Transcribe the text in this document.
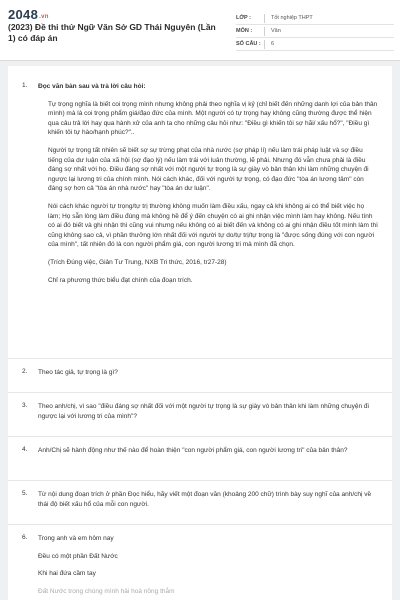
2048.vn
(2023) Đề thi thử Ngữ Văn Sở GD Thái Nguyên (Lần 1) có đáp án
LỚP :	Tốt nghiệp THPT
MÔN :	Văn
SỐ CÂU :	6
1. Đọc văn bản sau và trả lời câu hỏi:
Tự trọng nghĩa là biết coi trọng mình nhưng không phải theo nghĩa vị kỷ (chỉ biết đến những danh lợi của bản thân mình) mà là coi trọng phẩm giá/đạo đức của mình. Một người có tự trọng hay không cũng thường được thể hiện qua câu trả lời hay qua hành xử của anh ta cho những câu hỏi như: "Điều gì khiến tôi sợ hãi/ xấu hổ?", "Điều gì khiến tôi tự hào/hạnh phúc?"..
Người tự trọng tất nhiên sẽ biết sợ sự trừng phạt của nhà nước (sợ pháp lí) nếu làm trái pháp luật và sợ điều tiếng của dư luận của xã hội (sợ đạo lý) nếu làm trái với luân thường, lẽ phải. Nhưng đó vẫn chưa phải là điều đáng sợ nhất với họ. Điều đáng sợ nhất với một người tự trọng là sự giày vò bản thân khi làm những chuyện đi ngược lại lương tri của chính mình. Nói cách khác, đối với người tự trọng, có đạo đức "tòa án lương tâm" còn đáng sợ hơn cả "tòa án nhà nước" hay "tòa án dư luận".
Nói cách khác người tự trọng/tự trị thường không muốn làm điều xấu, ngay cả khi không ai có thể biết việc họ làm; Họ sẵn lòng làm điều đúng mà không hề để ý đến chuyện có ai ghi nhận việc mình làm hay không. Nếu tính có ai đó biết và ghi nhận thì cũng vui nhưng nếu không có ai biết đến và không có ai ghi nhận điều tốt mình làm thì cũng không sao cả, vì phần thưởng lớn nhất đối với người tự do/tự trị/tự trọng là "được sống đúng với con người của mình", tất nhiên đó là con người phẩm giá, con người lương tri mà mình đã chọn.
(Trích Đúng việc, Giản Tư Trung, NXB Tri thức, 2016, tr27-28)
Chỉ ra phương thức biểu đạt chính của đoạn trích.
2. Theo tác giả, tự trọng là gì?
3. Theo anh/chị, vì sao "điều đáng sợ nhất đối với một người tự trọng là sự giày vò bản thân khi làm những chuyện đi ngược lại với lương tri của mình"?
4. Anh/Chị sẽ hành động như thế nào để hoàn thiện "con người phẩm giá, con người lương tri" của bản thân?
5. Từ nội dung đoạn trích ở phần Đọc hiểu, hãy viết một đoạn văn (khoảng 200 chữ) trình bày suy nghĩ của anh/chị về thái độ biết xấu hổ của mỗi con người.
6. Trong anh và em hôm nay
Đều có một phần Đất Nước
Khi hai đứa cầm tay
Đất Nước trong chúng mình hài hoà nồng thắm
